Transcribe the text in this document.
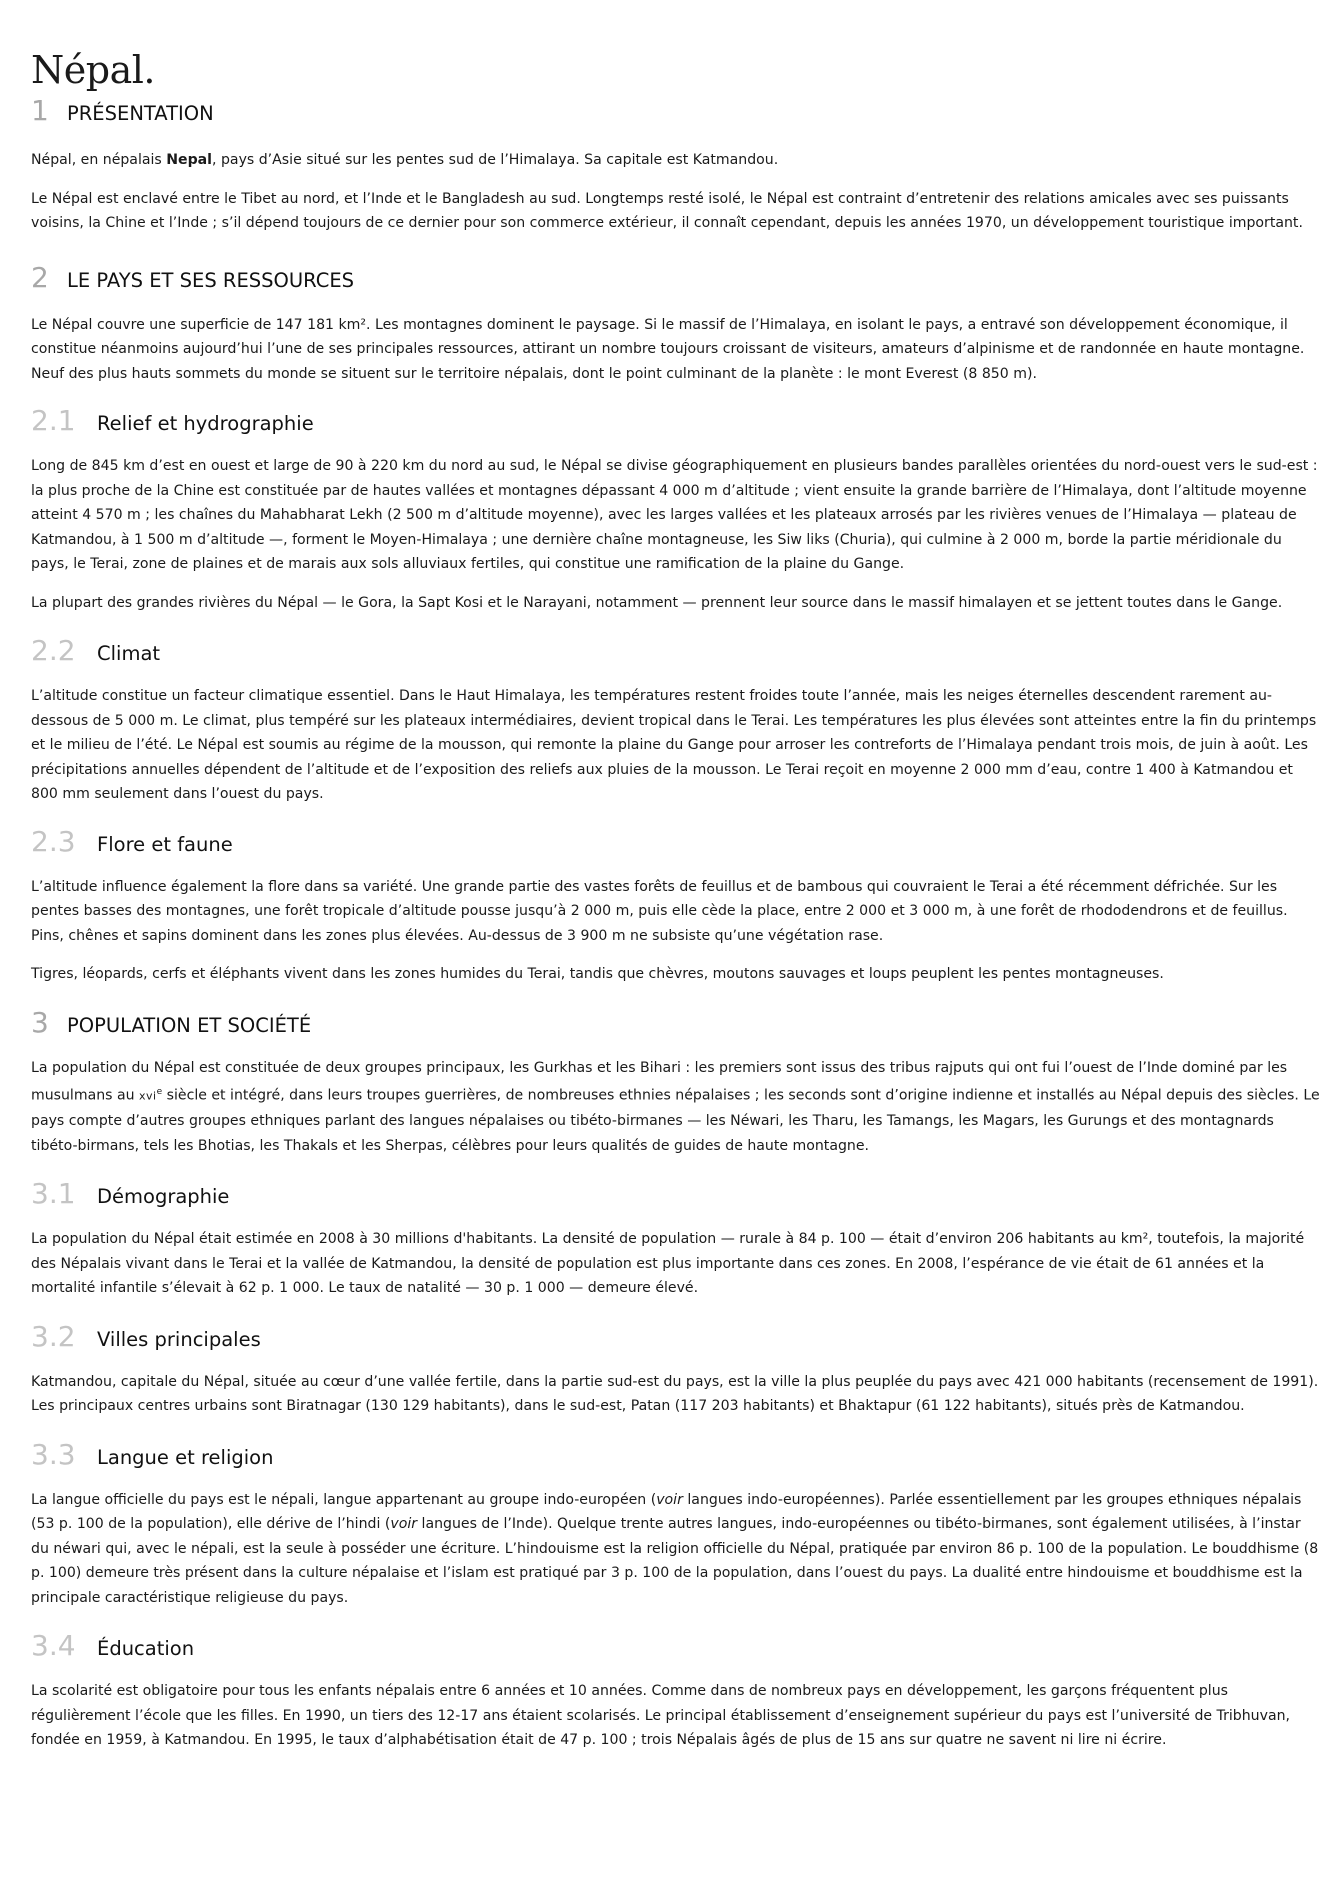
Népal.
1 PRÉSENTATION

Népal, en népalais Nepal, pays d’Asie situé sur les pentes sud de l’Himalaya. Sa capitale est Katmandou.

Le Népal est enclavé entre le Tibet au nord, et l’Inde et le Bangladesh au sud. Longtemps resté isolé, le Népal est contraint d’entretenir des relations amicales avec ses puissants voisins, la Chine et l’Inde ; s’il dépend toujours de ce dernier pour son commerce extérieur, il connaît cependant, depuis les années 1970, un développement touristique important.

2 LE PAYS ET SES RESSOURCES

Le Népal couvre une superficie de 147 181 km². Les montagnes dominent le paysage. Si le massif de l’Himalaya, en isolant le pays, a entravé son développement économique, il constitue néanmoins aujourd’hui l’une de ses principales ressources, attirant un nombre toujours croissant de visiteurs, amateurs d’alpinisme et de randonnée en haute montagne. Neuf des plus hauts sommets du monde se situent sur le territoire népalais, dont le point culminant de la planète : le mont Everest (8 850 m).

2.1	Relief et hydrographie

Long de 845 km d’est en ouest et large de 90 à 220 km du nord au sud, le Népal se divise géographiquement en plusieurs bandes parallèles orientées du nord-ouest vers le sud-est : la plus proche de la Chine est constituée par de hautes vallées et montagnes dépassant 4 000 m d’altitude ; vient ensuite la grande barrière de l’Himalaya, dont l’altitude moyenne atteint 4 570 m ; les chaînes du Mahabharat Lekh (2 500 m d’altitude moyenne), avec les larges vallées et les plateaux arrosés par les rivières venues de l’Himalaya — plateau de Katmandou, à 1 500 m d’altitude —, forment le Moyen-Himalaya ; une dernière chaîne montagneuse, les Siw liks (Churia), qui culmine à 2 000 m, borde la partie méridionale du pays, le Terai, zone de plaines et de marais aux sols alluviaux fertiles, qui constitue une ramification de la plaine du Gange.

La plupart des grandes rivières du Népal — le Gora, la Sapt Kosi et le Narayani, notamment — prennent leur source dans le massif himalayen et se jettent toutes dans le Gange.

2.2	Climat

L’altitude constitue un facteur climatique essentiel. Dans le Haut Himalaya, les températures restent froides toute l’année, mais les neiges éternelles descendent rarement au-dessous de 5 000 m. Le climat, plus tempéré sur les plateaux intermédiaires, devient tropical dans le Terai. Les températures les plus élevées sont atteintes entre la fin du printemps et le milieu de l’été. Le Népal est soumis au régime de la mousson, qui remonte la plaine du Gange pour arroser les contreforts de l’Himalaya pendant trois mois, de juin à août. Les précipitations annuelles dépendent de l’altitude et de l’exposition des reliefs aux pluies de la mousson. Le Terai reçoit en moyenne 2 000 mm d’eau, contre 1 400 à Katmandou et 800 mm seulement dans l’ouest du pays.

2.3	Flore et faune

L’altitude influence également la flore dans sa variété. Une grande partie des vastes forêts de feuillus et de bambous qui couvraient le Terai a été récemment défrichée. Sur les pentes basses des montagnes, une forêt tropicale d’altitude pousse jusqu’à 2 000 m, puis elle cède la place, entre 2 000 et 3 000 m, à une forêt de rhododendrons et de feuillus. Pins, chênes et sapins dominent dans les zones plus élevées. Au-dessus de 3 900 m ne subsiste qu’une végétation rase.

Tigres, léopards, cerfs et éléphants vivent dans les zones humides du Terai, tandis que chèvres, moutons sauvages et loups peuplent les pentes montagneuses.

3 POPULATION ET SOCIÉTÉ

La population du Népal est constituée de deux groupes principaux, les Gurkhas et les Bihari : les premiers sont issus des tribus rajputs qui ont fui l’ouest de l’Inde dominé par les musulmans au xvi$^e$ siècle et intégré, dans leurs troupes guerrières, de nombreuses ethnies népalaises ; les seconds sont d’origine indienne et installés au Népal depuis des siècles. Le pays compte d’autres groupes ethniques parlant des langues népalaises ou tibéto-birmanes — les Néwari, les Tharu, les Tamangs, les Magars, les Gurungs et des montagnards tibéto-birmans, tels les Bhotias, les Thakals et les Sherpas, célèbres pour leurs qualités de guides de haute montagne.

3.1	Démographie

La population du Népal était estimée en 2008 à 30 millions d'habitants. La densité de population — rurale à 84 p. 100 — était d’environ 206 habitants au km², toutefois, la majorité des Népalais vivant dans le Terai et la vallée de Katmandou, la densité de population est plus importante dans ces zones. En 2008, l’espérance de vie était de 61 années et la mortalité infantile s’élevait à 62 p. 1 000. Le taux de natalité — 30 p. 1 000 — demeure élevé.

3.2	Villes principales

Katmandou, capitale du Népal, située au cœur d’une vallée fertile, dans la partie sud-est du pays, est la ville la plus peuplée du pays avec 421 000 habitants (recensement de 1991). Les principaux centres urbains sont Biratnagar (130 129 habitants), dans le sud-est, Patan (117 203 habitants) et Bhaktapur (61 122 habitants), situés près de Katmandou.

3.3	Langue et religion

La langue officielle du pays est le népali, langue appartenant au groupe indo-européen (voir langues indo-européennes). Parlée essentiellement par les groupes ethniques népalais (53 p. 100 de la population), elle dérive de l’hindi (voir langues de l’Inde). Quelque trente autres langues, indo-européennes ou tibéto-birmanes, sont également utilisées, à l’instar du néwari qui, avec le népali, est la seule à posséder une écriture. L’hindouisme est la religion officielle du Népal, pratiquée par environ 86 p. 100 de la population. Le bouddhisme (8 p. 100) demeure très présent dans la culture népalaise et l’islam est pratiqué par 3 p. 100 de la population, dans l’ouest du pays. La dualité entre hindouisme et bouddhisme est la principale caractéristique religieuse du pays.

3.4	Éducation

La scolarité est obligatoire pour tous les enfants népalais entre 6 années et 10 années. Comme dans de nombreux pays en développement, les garçons fréquentent plus régulièrement l’école que les filles. En 1990, un tiers des 12-17 ans étaient scolarisés. Le principal établissement d’enseignement supérieur du pays est l’université de Tribhuvan, fondée en 1959, à Katmandou. En 1995, le taux d’alphabétisation était de 47 p. 100 ; trois Népalais âgés de plus de 15 ans sur quatre ne savent ni lire ni écrire.
